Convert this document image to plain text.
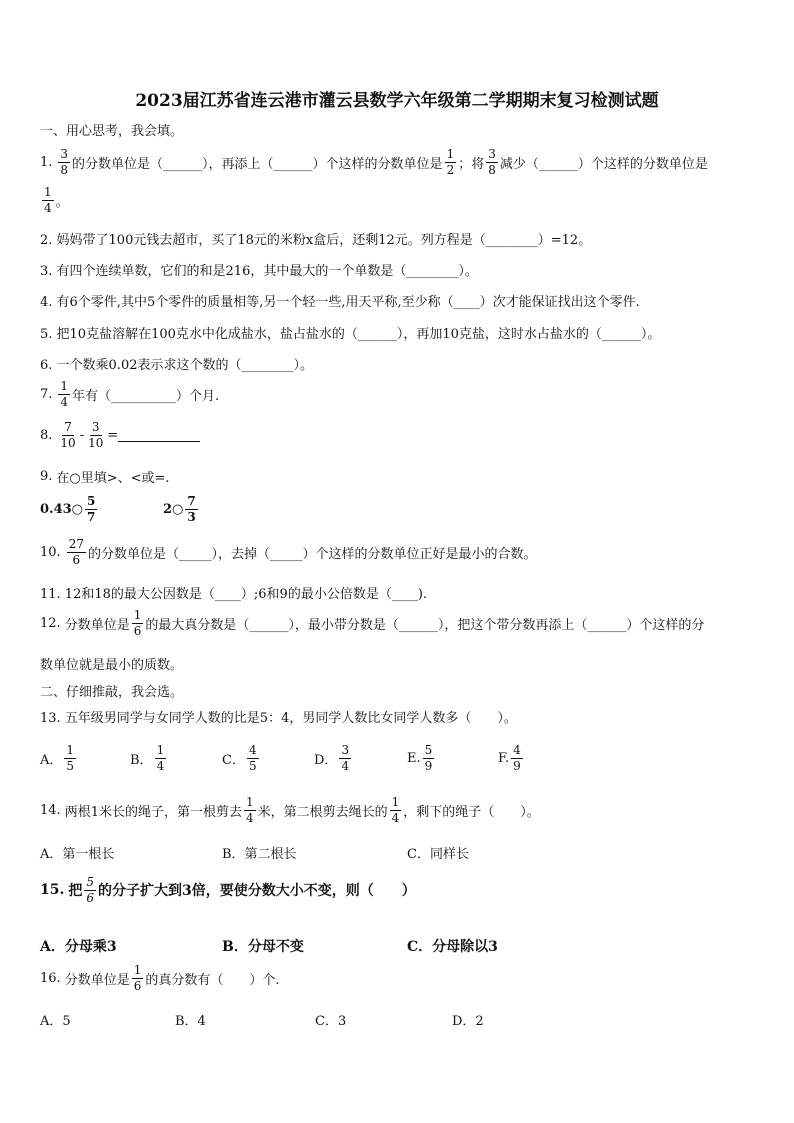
2023届江苏省连云港市灌云县数学六年级第二学期期末复习检测试题
一、用心思考，我会填。
1. $\frac{3}{8}$ 的分数单位是（______），再添上（______）个这样的分数单位是 $\frac{1}{2}$ ；将 $\frac{3}{8}$ 减少（______）个这样的分数单位是
$\frac{1}{4}$ 。
2. 妈妈带了100元钱去超市，买了18元的米粉x盒后，还剩12元。列方程是（________）=12。
3. 有四个连续单数，它们的和是216，其中最大的一个单数是（________）。
4. 有6个零件,其中5个零件的质量相等,另一个轻一些,用天平称,至少称（____）次才能保证找出这个零件.
5. 把10克盐溶解在100克水中化成盐水，盐占盐水的（______），再加10克盐，这时水占盐水的（______）。
6. 一个数乘0.02表示求这个数的（________）。
7. $\frac{1}{4}$ 年有（__________）个月.
8. $\frac{7}{10} - \frac{3}{10}$ =
9. 在○里填>、<或=.
0.43○ $\frac{5}{7}$	2○ $\frac{7}{3}$
10. $\frac{27}{6}$ 的分数单位是（_____），去掉（_____）个这样的分数单位正好是最小的合数。
11. 12和18的最大公因数是（____）;6和9的最小公倍数是（____).
12. 分数单位是 $\frac{1}{6}$ 的最大真分数是（______），最小带分数是（______），把这个带分数再添上（______）个这样的分
数单位就是最小的质数。
二、仔细推敲，我会选。
13. 五年级男同学与女同学人数的比是5：4，男同学人数比女同学人数多（　　）。
A． $\frac{1}{5}$	B． $\frac{1}{4}$	C． $\frac{4}{5}$	D． $\frac{3}{4}$	E. $\frac{5}{9}$	F. $\frac{4}{9}$
14. 两根1米长的绳子，第一根剪去 $\frac{1}{4}$ 米，第二根剪去绳长的 $\frac{1}{4}$ ，剩下的绳子（　　）。
A．第一根长	B．第二根长	C．同样长
15. 把 $\frac{5}{6}$ 的分子扩大到3倍，要使分数大小不变，则（　　）
A．分母乘3	B．分母不变	C．分母除以3
16. 分数单位是 $\frac{1}{6}$ 的真分数有（　　）个.
A．5	B．4	C．3	D．2
